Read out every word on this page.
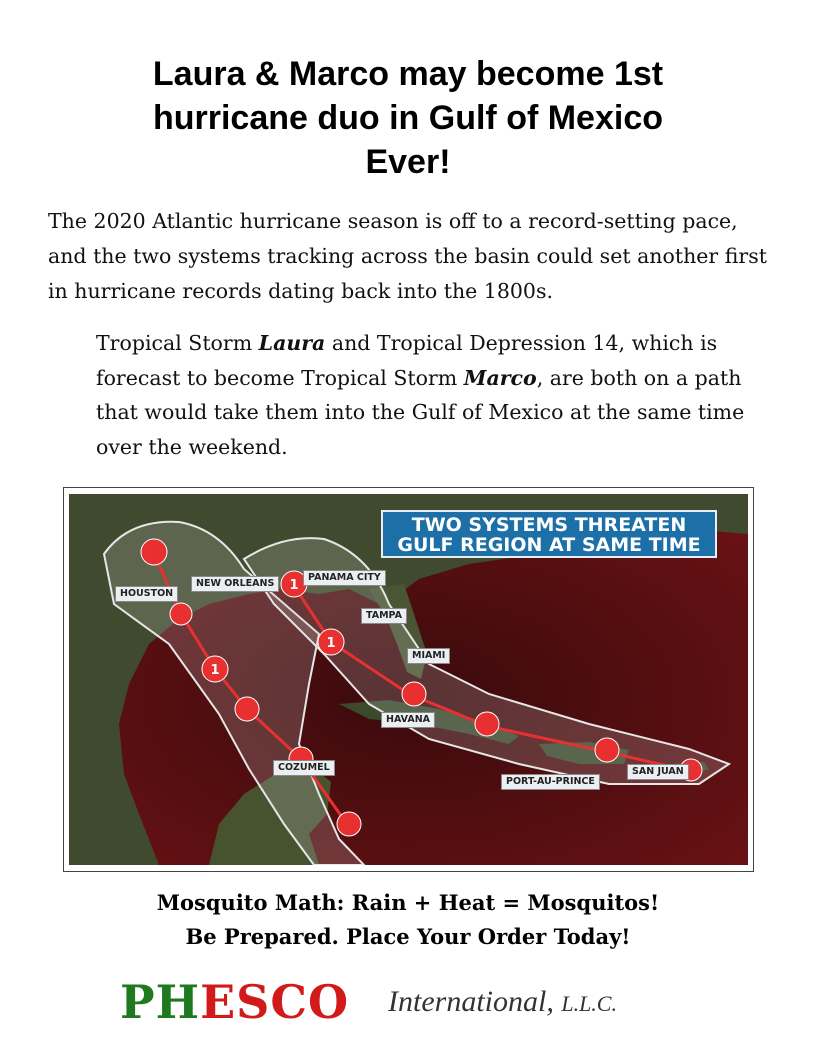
Laura & Marco may become 1st
hurricane duo in Gulf of Mexico
Ever!
The 2020 Atlantic hurricane season is off to a record-setting pace, and the two systems tracking across the basin could set another first in hurricane records dating back into the 1800s.
Tropical Storm Laura and Tropical Depression 14, which is forecast to become Tropical Storm Marco, are both on a path that would take them into the Gulf of Mexico at the same time over the weekend.
1
1
1
TWO SYSTEMS THREATEN
GULF REGION AT SAME TIME
HOUSTON
NEW ORLEANS
PANAMA CITY
TAMPA
MIAMI
HAVANA
COZUMEL
PORT-AU-PRINCE
SAN JUAN
Mosquito Math: Rain + Heat = Mosquitos!
Be Prepared. Place Your Order Today!
PHESCO International, L.L.C.
